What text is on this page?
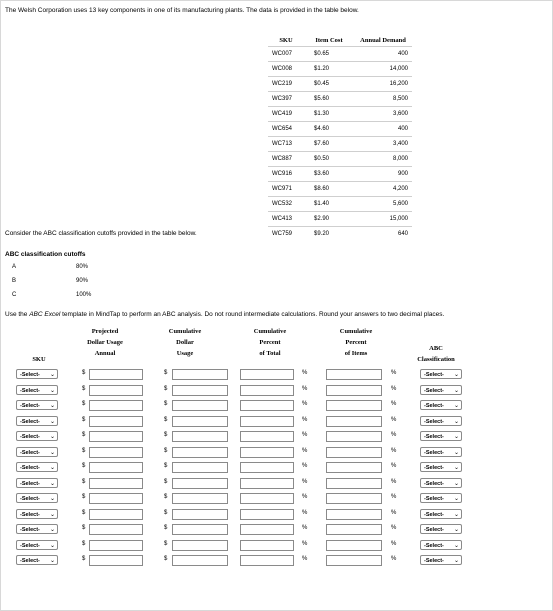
The Welsh Corporation uses 13 key components in one of its manufacturing plants. The data is provided in the table below.
SKU	Item Cost	Annual Demand
WC007	$0.65	400
WC008	$1.20	14,000
WC219	$0.45	16,200
WC397	$5.60	8,500
WC419	$1.30	3,600
WC654	$4.60	400
WC713	$7.60	3,400
WC887	$0.50	8,000
WC916	$3.60	900
WC971	$8.60	4,200
WC532	$1.40	5,600
WC413	$2.90	15,000
WC759	$9.20	640
Consider the ABC classification cutoffs provided in the table below.
ABC classification cutoffs
A	80%
B	90%
C	100%
Use the ABC Excel template in MindTap to perform an ABC analysis. Do not round intermediate calculations. Round your answers to two decimal places.
SKU
Projected
Dollar Usage
Annual
Cumulative
Dollar
Usage
Cumulative
Percent
of Total
Cumulative
Percent
of Items
ABC
Classification
-Select- ⌄	$	$	%	%	-Select- ⌄
-Select- ⌄	$	$	%	%	-Select- ⌄
-Select- ⌄	$	$	%	%	-Select- ⌄
-Select- ⌄	$	$	%	%	-Select- ⌄
-Select- ⌄	$	$	%	%	-Select- ⌄
-Select- ⌄	$	$	%	%	-Select- ⌄
-Select- ⌄	$	$	%	%	-Select- ⌄
-Select- ⌄	$	$	%	%	-Select- ⌄
-Select- ⌄	$	$	%	%	-Select- ⌄
-Select- ⌄	$	$	%	%	-Select- ⌄
-Select- ⌄	$	$	%	%	-Select- ⌄
-Select- ⌄	$	$	%	%	-Select- ⌄
-Select- ⌄	$	$	%	%	-Select- ⌄
